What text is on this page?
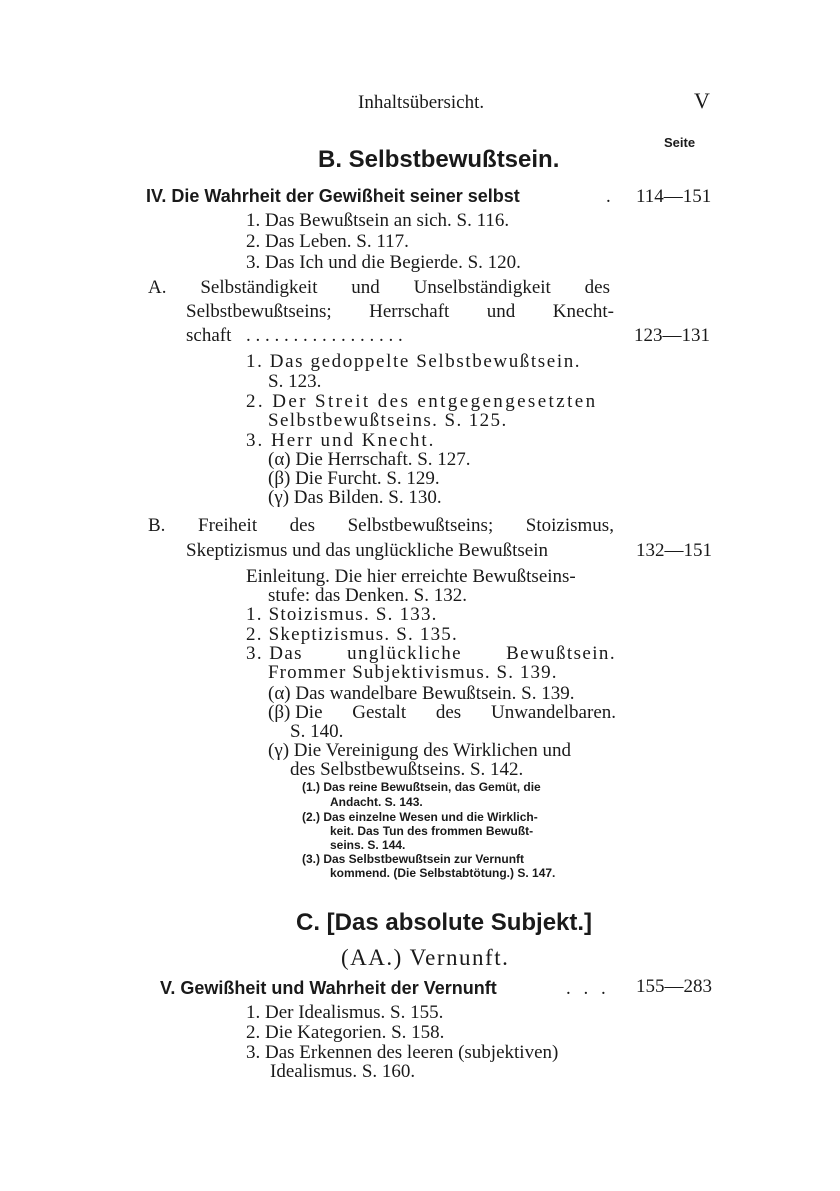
Inhaltsübersicht.	V
Seite
B. Selbstbewußtsein.
IV. Die Wahrheit der Gewißheit seiner selbst	. 114—151
1. Das Bewußtsein an sich. S. 116.
2. Das Leben. S. 117.
3. Das Ich und die Begierde. S. 120.
A. Selbständigkeit und Unselbständigkeit des
Selbstbewußtseins; Herrschaft und Knecht-
schaft . . . . . . . . . . . . . . . . .	123—131
1. Das gedoppelte Selbstbewußtsein.
S. 123.
2. Der Streit des entgegengesetzten
Selbstbewußtseins. S. 125.
3. Herr und Knecht.
(α) Die Herrschaft. S. 127.
(β) Die Furcht. S. 129.
(γ) Das Bilden. S. 130.
B. Freiheit des Selbstbewußtseins; Stoizismus,
Skeptizismus und das unglückliche Bewußtsein	132—151
Einleitung. Die hier erreichte Bewußtseins-
stufe: das Denken. S. 132.
1. Stoizismus. S. 133.
2. Skeptizismus. S. 135.
3. Das unglückliche Bewußtsein.
Frommer Subjektivismus. S. 139.
(α) Das wandelbare Bewußtsein. S. 139.
(β) Die Gestalt des Unwandelbaren.
S. 140.
(γ) Die Vereinigung des Wirklichen und
des Selbstbewußtseins. S. 142.
(1.) Das reine Bewußtsein, das Gemüt, die
Andacht. S. 143.
(2.) Das einzelne Wesen und die Wirklich-
keit. Das Tun des frommen Bewußt-
seins. S. 144.
(3.) Das Selbstbewußtsein zur Vernunft
kommend. (Die Selbstabtötung.) S. 147.
C. [Das absolute Subjekt.]
(AA.) Vernunft.
V. Gewißheit und Wahrheit der Vernunft	. . . 155—283
1. Der Idealismus. S. 155.
2. Die Kategorien. S. 158.
3. Das Erkennen des leeren (subjektiven)
Idealismus. S. 160.
